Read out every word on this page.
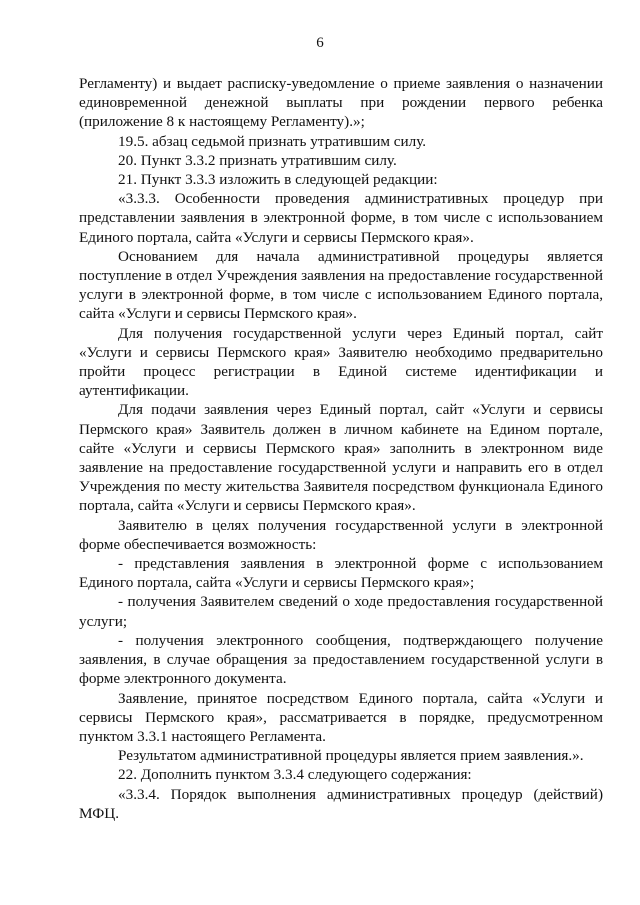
6

Регламенту) и выдает расписку-уведомление о приеме заявления о назначении единовременной денежной выплаты при рождении первого ребенка (приложение 8 к настоящему Регламенту).»;

19.5. абзац седьмой признать утратившим силу.

20. Пункт 3.3.2 признать утратившим силу.

21. Пункт 3.3.3 изложить в следующей редакции:

«3.3.3. Особенности проведения административных процедур при представлении заявления в электронной форме, в том числе с использованием Единого портала, сайта «Услуги и сервисы Пермского края».

Основанием для начала административной процедуры является поступление в отдел Учреждения заявления на предоставление государственной услуги в электронной форме, в том числе с использованием Единого портала, сайта «Услуги и сервисы Пермского края».

Для получения государственной услуги через Единый портал, сайт «Услуги и сервисы Пермского края» Заявителю необходимо предварительно пройти процесс регистрации в Единой системе идентификации и аутентификации.

Для подачи заявления через Единый портал, сайт «Услуги и сервисы Пермского края» Заявитель должен в личном кабинете на Едином портале, сайте «Услуги и сервисы Пермского края» заполнить в электронном виде заявление на предоставление государственной услуги и направить его в отдел Учреждения по месту жительства Заявителя посредством функционала Единого портала, сайта «Услуги и сервисы Пермского края».

Заявителю в целях получения государственной услуги в электронной форме обеспечивается возможность:

- представления заявления в электронной форме с использованием Единого портала, сайта «Услуги и сервисы Пермского края»;

- получения Заявителем сведений о ходе предоставления государственной услуги;

- получения электронного сообщения, подтверждающего получение заявления, в случае обращения за предоставлением государственной услуги в форме электронного документа.

Заявление, принятое посредством Единого портала, сайта «Услуги и сервисы Пермского края», рассматривается в порядке, предусмотренном пунктом 3.3.1 настоящего Регламента.

Результатом административной процедуры является прием заявления.».

22. Дополнить пунктом 3.3.4 следующего содержания:

«3.3.4. Порядок выполнения административных процедур (действий) МФЦ.
